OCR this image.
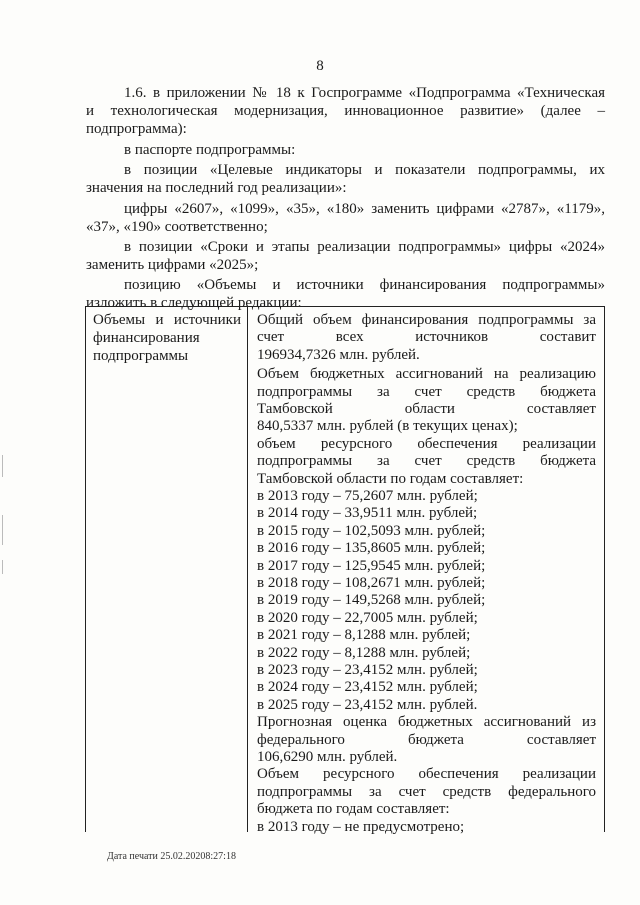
8

1.6. в приложении № 18 к Госпрограмме «Подпрограмма «Техническая

и технологическая модернизация, инновационное развитие» (далее –

подпрограмма):

в паспорте подпрограммы:

в позиции «Целевые индикаторы и показатели подпрограммы, их

значения на последний год реализации»:

цифры «2607», «1099», «35», «180» заменить цифрами «2787», «1179»,

«37», «190» соответственно;

в позиции «Сроки и этапы реализации подпрограммы» цифры «2024»

заменить цифрами «2025»;

позицию «Объемы и источники финансирования подпрограммы»

изложить в следующей редакции:

Объемы и источники
финансирования
подпрограммы
Общий объем финансирования подпрограммы за
счет всех источников составит
196934,7326 млн. рублей.
Объем бюджетных ассигнований на реализацию
подпрограммы за счет средств бюджета
Тамбовской области составляет
840,5337 млн. рублей (в текущих ценах);
объем ресурсного обеспечения реализации
подпрограммы за счет средств бюджета
Тамбовской области по годам составляет:
в 2013 году – 75,2607 млн. рублей;
в 2014 году – 33,9511 млн. рублей;
в 2015 году – 102,5093 млн. рублей;
в 2016 году – 135,8605 млн. рублей;
в 2017 году – 125,9545 млн. рублей;
в 2018 году – 108,2671 млн. рублей;
в 2019 году – 149,5268 млн. рублей;
в 2020 году – 22,7005 млн. рублей;
в 2021 году – 8,1288 млн. рублей;
в 2022 году – 8,1288 млн. рублей;
в 2023 году – 23,4152 млн. рублей;
в 2024 году – 23,4152 млн. рублей;
в 2025 году – 23,4152 млн. рублей.
Прогнозная оценка бюджетных ассигнований из
федерального бюджета составляет
106,6290 млн. рублей.
Объем ресурсного обеспечения реализации
подпрограммы за счет средств федерального
бюджета по годам составляет:
в 2013 году – не предусмотрено;
Дата печати 25.02.20208:27:18
